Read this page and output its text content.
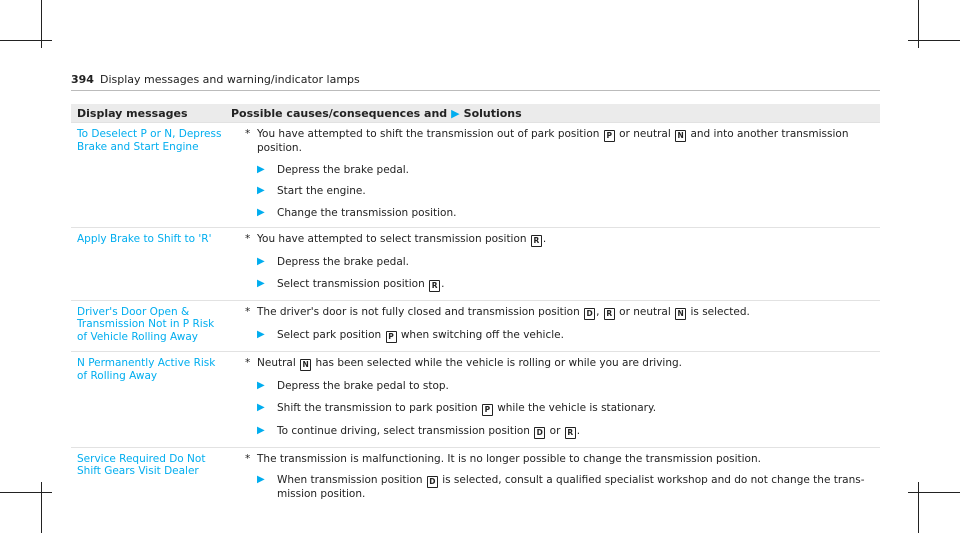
394 Display messages and warning/indicator lamps
Display messages	Possible causes/consequences and ▶ Solutions
To Deselect P or N, Depress Brake and Start Engine
* You have attempted to shift the transmission out of park position P or neutral N and into another transmission position.
▶
Depress the brake pedal.
▶
Start the engine.
▶
Change the transmission position.
Apply Brake to Shift to 'R'	* You have attempted to select transmission position R .
▶
Depress the brake pedal.
▶
Select transmission position R .
Driver's Door Open & Transmission Not in P Risk of Vehicle Rolling Away
* The driver's door is not fully closed and transmission position D , R or neutral N is selected.
▶
Select park position P when switching off the vehicle.
N Permanently Active Risk of Rolling Away
* Neutral N has been selected while the vehicle is rolling or while you are driving.
▶
Depress the brake pedal to stop.
▶
Shift the transmission to park position P while the vehicle is stationary.
▶
To continue driving, select transmission position D or R .
Service Required Do Not Shift Gears Visit Dealer
* The transmission is malfunctioning. It is no longer possible to change the transmission position.
▶
When transmission position D is selected, consult a qualified specialist workshop and do not change the trans-mission position.
